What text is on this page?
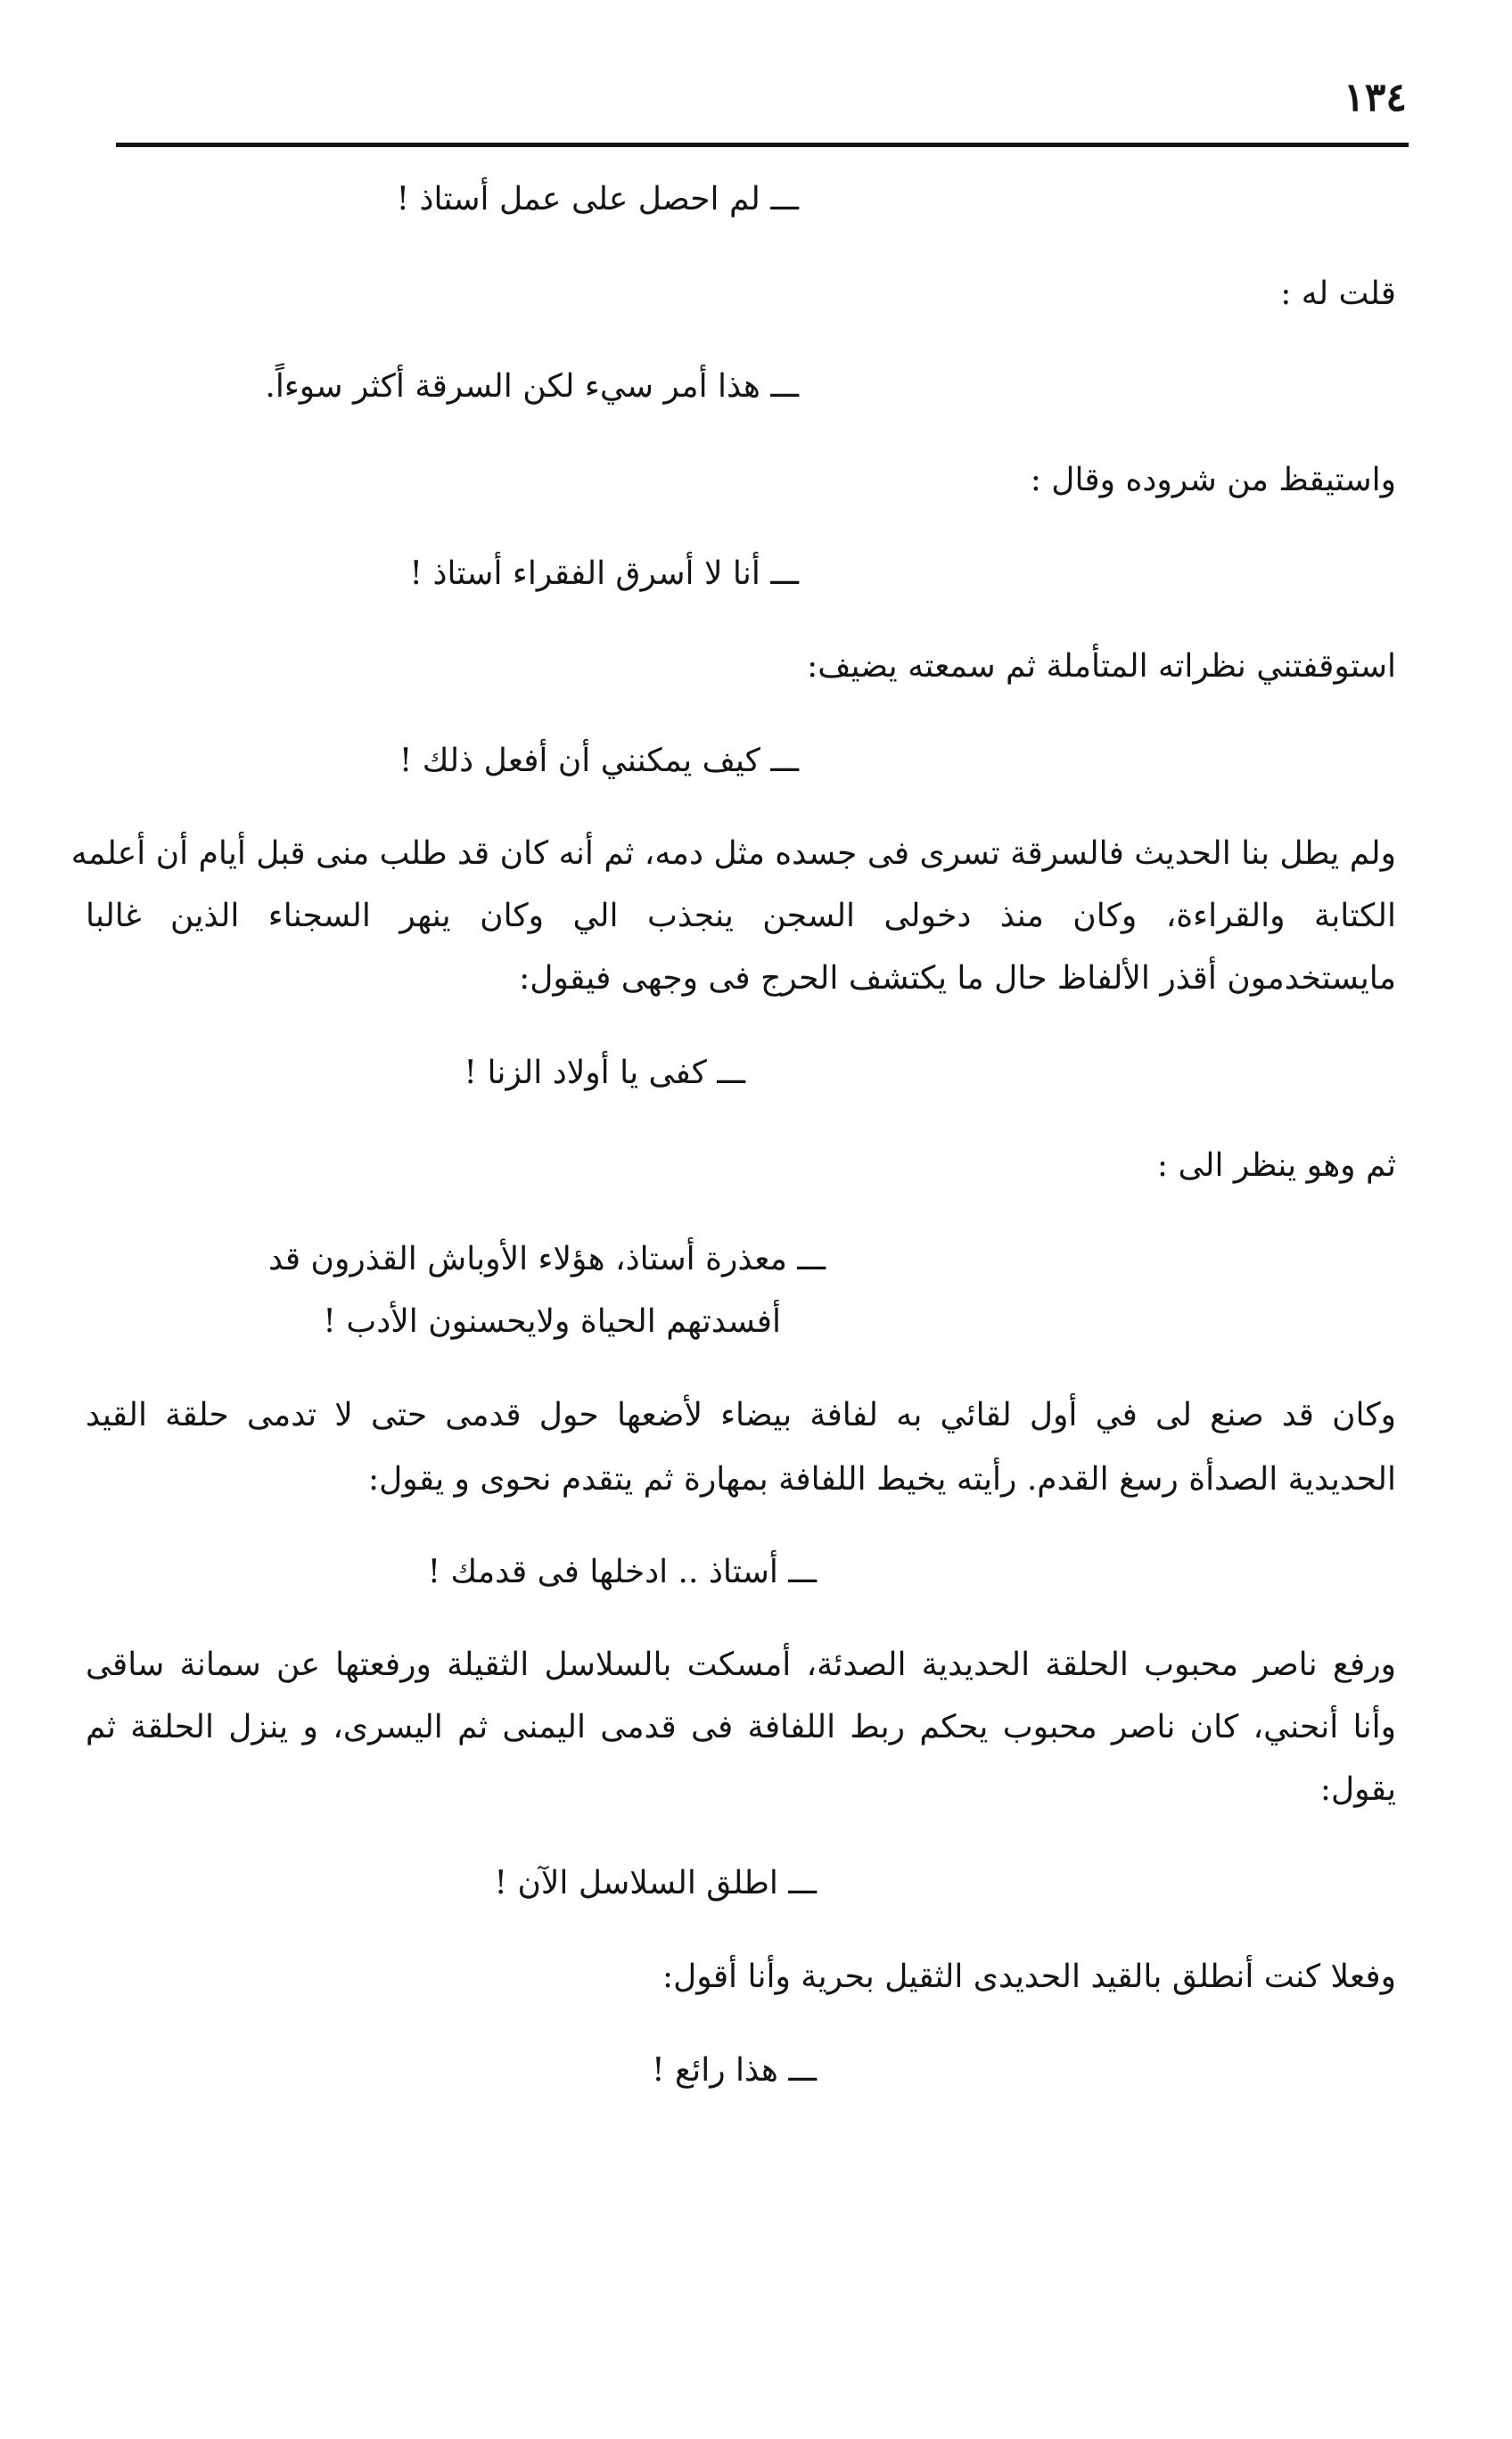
١٣٤
ـــ لم احصل على عمل أستاذ !
قلت له :
ـــ هذا أمر سيء لكن السرقة أكثر سوءاً.
واستيقظ من شروده وقال :
ـــ أنا لا أسرق الفقراء أستاذ !
استوقفتني نظراته المتأملة ثم سمعته يضيف:
ـــ كيف يمكنني أن أفعل ذلك !
ولم يطل بنا الحديث فالسرقة تسرى فى جسده مثل دمه، ثم أنه كان قد طلب منى قبل أيام أن أعلمه
الكتابة والقراءة، وكان منذ دخولى السجن ينجذب الي وكان ينهر السجناء الذين غالبا
مايستخدمون أقذر الألفاظ حال ما يكتشف الحرج فى وجهى فيقول:
ـــ كفى يا أولاد الزنا !
ثم وهو ينظر الى :
ـــ معذرة أستاذ، هؤلاء الأوباش القذرون قد
أفسدتهم الحياة ولايحسنون الأدب !
وكان قد صنع لى في أول لقائي به لفافة بيضاء لأضعها حول قدمى حتى لا تدمى حلقة القيد
الحديدية الصدأة رسغ القدم. رأيته يخيط اللفافة بمهارة ثم يتقدم نحوى و يقول:
ـــ أستاذ .. ادخلها فى قدمك !
ورفع ناصر محبوب الحلقة الحديدية الصدئة، أمسكت بالسلاسل الثقيلة ورفعتها عن سمانة ساقى
وأنا أنحني، كان ناصر محبوب يحكم ربط اللفافة فى قدمى اليمنى ثم اليسرى، و ينزل الحلقة ثم
يقول:
ـــ اطلق السلاسل الآن !
وفعلا كنت أنطلق بالقيد الحديدى الثقيل بحرية وأنا أقول:
ـــ هذا رائع !
